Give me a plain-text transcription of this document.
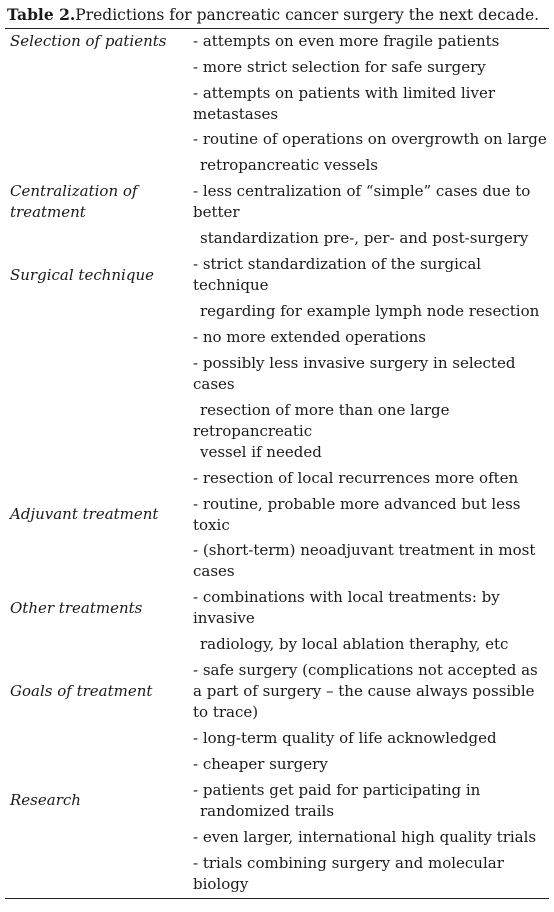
Table 2.Predictions for pancreatic cancer surgery the next decade.
Selection of patients - attempts on even more fragile patients
- more strict selection for safe surgery
- attempts on patients with limited liver
metastases
- routine of operations on overgrowth on large
retropancreatic vessels
Centralization of
treatment
- less centralization of “simple” cases due to
better
standardization pre-, per- and post-surgery
Surgical technique
- strict standardization of the surgical
technique
regarding for example lymph node resection
- no more extended operations
- possibly less invasive surgery in selected
cases
resection of more than one large
retropancreatic
vessel if needed
- resection of local recurrences more often
Adjuvant treatment
- routine, probable more advanced but less
toxic
- (short-term) neoadjuvant treatment in most
cases
Other treatments
- combinations with local treatments: by
invasive
radiology, by local ablation theraphy, etc
Goals of treatment
- safe surgery (complications not accepted as
a part of surgery – the cause always possible
to trace)
- long-term quality of life acknowledged
- cheaper surgery
Research
- patients get paid for participating in
randomized trails
- even larger, international high quality trials
- trials combining surgery and molecular
biology
